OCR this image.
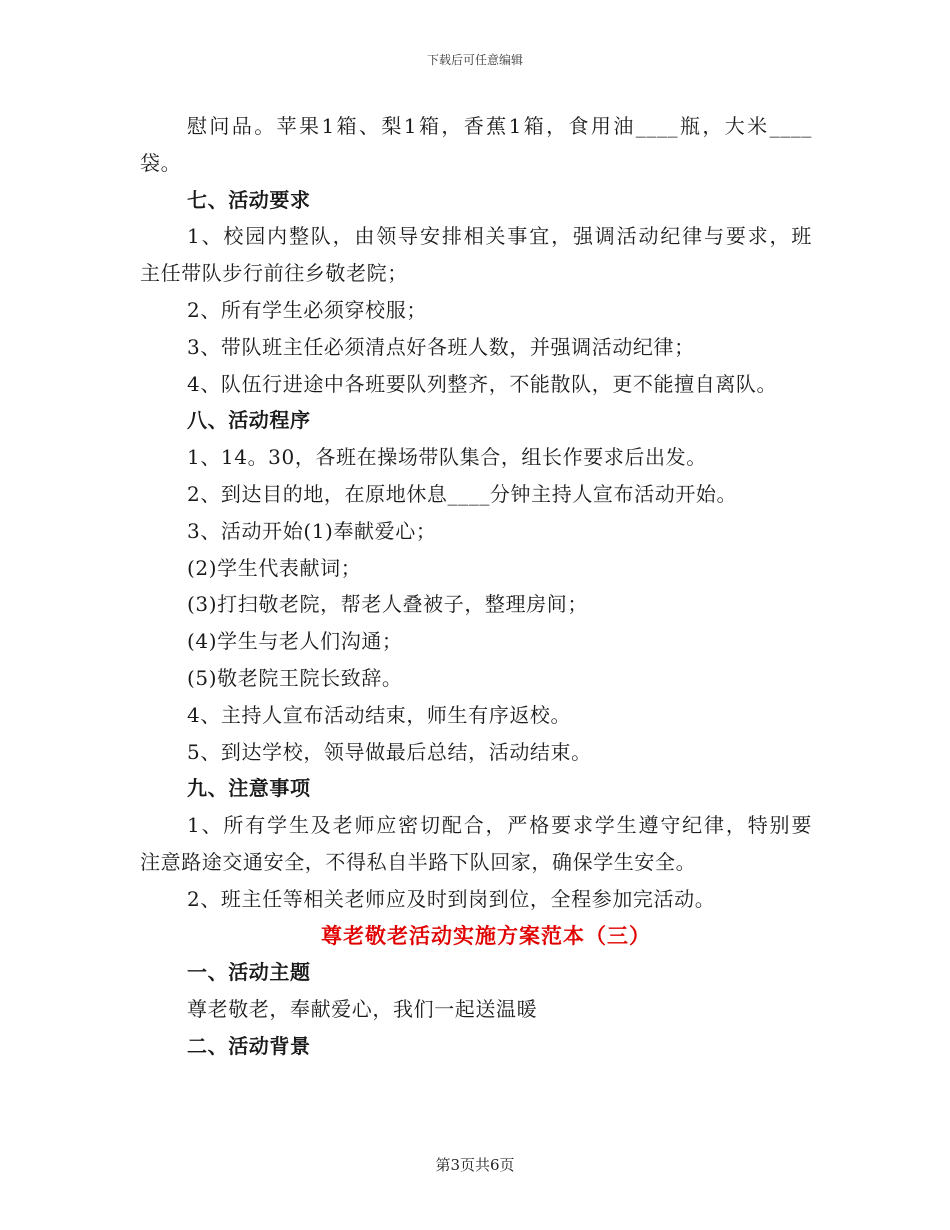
下载后可任意编辑
慰问品。苹果1箱、梨1箱，香蕉1箱，食用油____瓶，大米____
袋。
七、活动要求
1、校园内整队，由领导安排相关事宜，强调活动纪律与要求，班
主任带队步行前往乡敬老院；
2、所有学生必须穿校服；
3、带队班主任必须清点好各班人数，并强调活动纪律；
4、队伍行进途中各班要队列整齐，不能散队，更不能擅自离队。
八、活动程序
1、14。30，各班在操场带队集合，组长作要求后出发。
2、到达目的地，在原地休息____分钟主持人宣布活动开始。
3、活动开始(1)奉献爱心；
(2)学生代表献词；
(3)打扫敬老院，帮老人叠被子，整理房间；
(4)学生与老人们沟通；
(5)敬老院王院长致辞。
4、主持人宣布活动结束，师生有序返校。
5、到达学校，领导做最后总结，活动结束。
九、注意事项
1、所有学生及老师应密切配合，严格要求学生遵守纪律，特别要
注意路途交通安全，不得私自半路下队回家，确保学生安全。
2、班主任等相关老师应及时到岗到位，全程参加完活动。
尊老敬老活动实施方案范本（三）
一、活动主题
尊老敬老，奉献爱心，我们一起送温暖
二、活动背景
第3页共6页
